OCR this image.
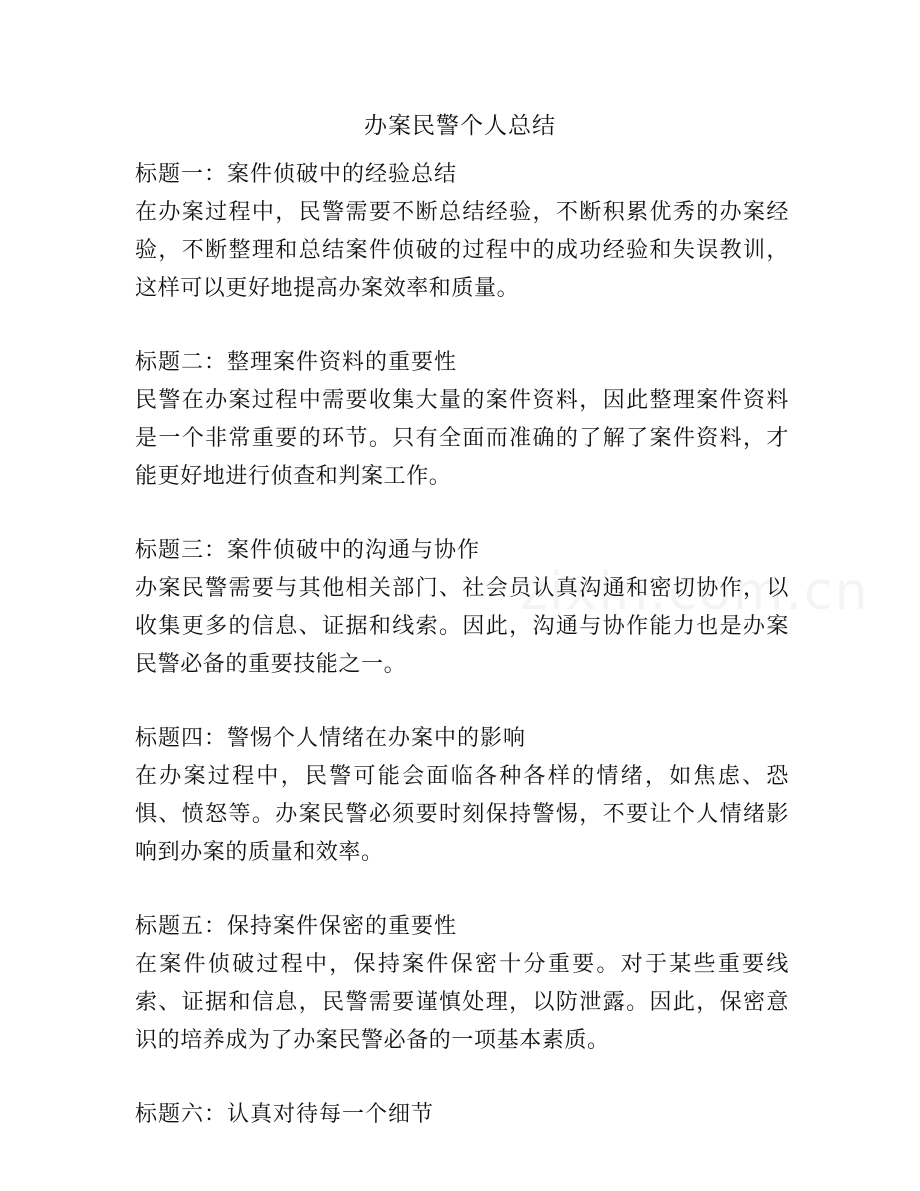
办案民警个人总结
标题一：案件侦破中的经验总结
在办案过程中，民警需要不断总结经验，不断积累优秀的办案经验，不断整理和总结案件侦破的过程中的成功经验和失误教训，这样可以更好地提高办案效率和质量。
标题二：整理案件资料的重要性
民警在办案过程中需要收集大量的案件资料，因此整理案件资料是一个非常重要的环节。只有全面而准确的了解了案件资料，才能更好地进行侦查和判案工作。
标题三：案件侦破中的沟通与协作
办案民警需要与其他相关部门、社会员认真沟通和密切协作，以收集更多的信息、证据和线索。因此，沟通与协作能力也是办案民警必备的重要技能之一。
标题四：警惕个人情绪在办案中的影响
在办案过程中，民警可能会面临各种各样的情绪，如焦虑、恐惧、愤怒等。办案民警必须要时刻保持警惕，不要让个人情绪影响到办案的质量和效率。
标题五：保持案件保密的重要性
在案件侦破过程中，保持案件保密十分重要。对于某些重要线索、证据和信息，民警需要谨慎处理，以防泄露。因此，保密意识的培养成为了办案民警必备的一项基本素质。
标题六：认真对待每一个细节
